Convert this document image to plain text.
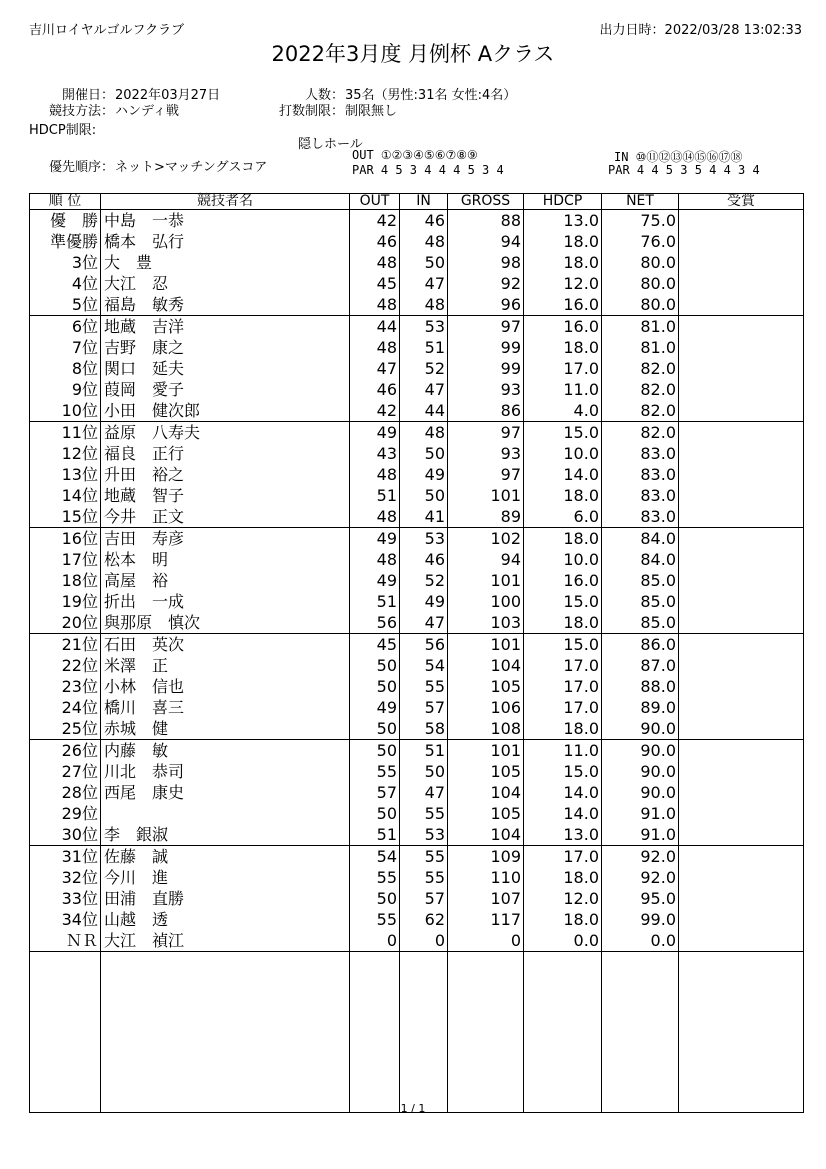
吉川ロイヤルゴルフクラブ	出力日時：2022/03/28 13:02:33
2022年3月度 月例杯 Aクラス
開催日： 2022年03月27日
競技方法： ハンディ戦
HDCP制限:
人数： 35名（男性:31名 女性:4名）
打数制限： 制限無し
優先順序： ネット>マッチングスコア
隠しホール
OUT ①②③④⑤⑥⑦⑧⑨
PAR 4 5 3 4 4 4 5 3 4
IN ⑩⑪⑫⑬⑭⑮⑯⑰⑱
PAR 4 4 5 3 5 4 4 3 4
順 位	競技者名	OUT	IN	GROSS	HDCP	NET	受賞
優　勝	中島　一恭	42	46	88	13.0	75.0	
準優勝	橋本　弘行	46	48	94	18.0	76.0	
3位	大　豊	48	50	98	18.0	80.0	
4位	大江　忍	45	47	92	12.0	80.0	
5位	福島　敏秀	48	48	96	16.0	80.0	
6位	地蔵　吉洋	44	53	97	16.0	81.0	
7位	吉野　康之	48	51	99	18.0	81.0	
8位	関口　延夫	47	52	99	17.0	82.0	
9位	葭岡　愛子	46	47	93	11.0	82.0	
10位	小田　健次郎	42	44	86	4.0	82.0	
11位	益原　八寿夫	49	48	97	15.0	82.0	
12位	福良　正行	43	50	93	10.0	83.0	
13位	升田　裕之	48	49	97	14.0	83.0	
14位	地蔵　智子	51	50	101	18.0	83.0	
15位	今井　正文	48	41	89	6.0	83.0	
16位	吉田　寿彦	49	53	102	18.0	84.0	
17位	松本　明	48	46	94	10.0	84.0	
18位	高屋　裕	49	52	101	16.0	85.0	
19位	折出　一成	51	49	100	15.0	85.0	
20位	與那原　慎次	56	47	103	18.0	85.0	
21位	石田　英次	45	56	101	15.0	86.0	
22位	米澤　正	50	54	104	17.0	87.0	
23位	小林　信也	50	55	105	17.0	88.0	
24位	橋川　喜三	49	57	106	17.0	89.0	
25位	赤城　健	50	58	108	18.0	90.0	
26位	内藤　敏	50	51	101	11.0	90.0	
27位	川北　恭司	55	50	105	15.0	90.0	
28位	西尾　康史	57	47	104	14.0	90.0	
29位		50	55	105	14.0	91.0	
30位	李　銀淑	51	53	104	13.0	91.0	
31位	佐藤　誠	54	55	109	17.0	92.0	
32位	今川　進	55	55	110	18.0	92.0	
33位	田浦　直勝	50	57	107	12.0	95.0	
34位	山越　透	55	62	117	18.0	99.0	
ＮＲ	大江　禎江	0	0	0	0.0	0.0	

1 / 1
